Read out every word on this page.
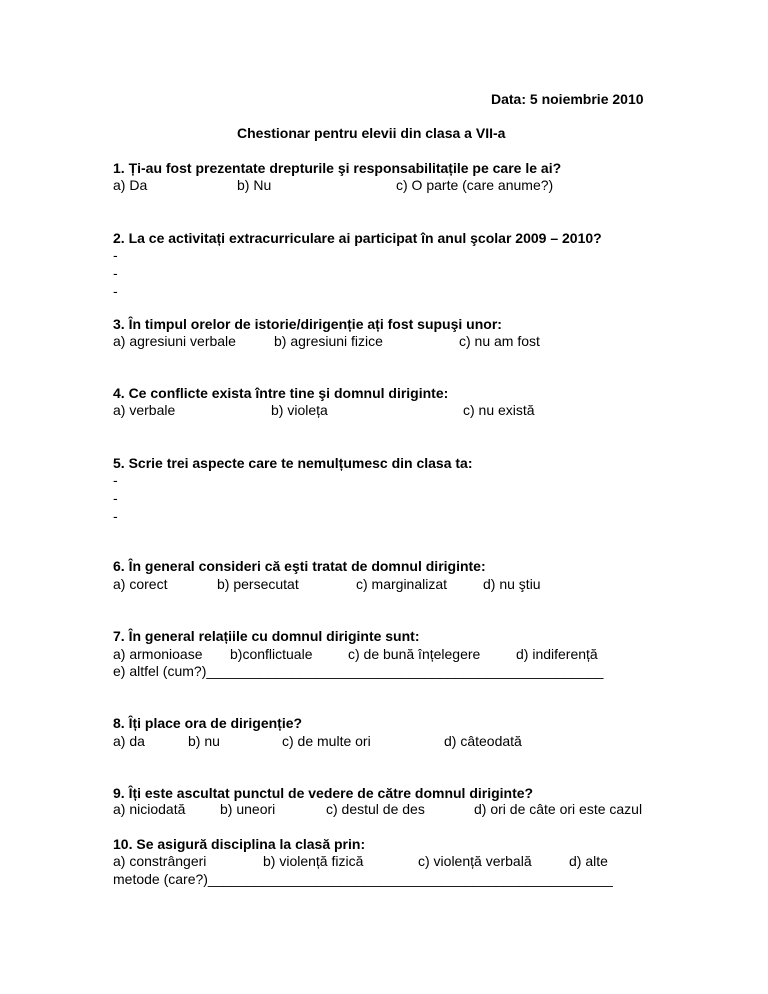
Data: 5 noiembrie 2010
Chestionar pentru elevii din clasa a VII-a
1. Ți-au fost prezentate drepturile şi responsabilitațile pe care le ai?
a) Da	b) Nu	c) O parte (care anume?)
2. La ce activitați extracurriculare ai participat în anul şcolar 2009 – 2010?
-
-
-
3. În timpul orelor de istorie/dirigenție ați fost supuşi unor:
a) agresiuni verbale	b) agresiuni fizice	c) nu am fost
4. Ce conflicte exista între tine şi domnul diriginte:
a) verbale	b) violeța	c) nu există
5. Scrie trei aspecte care te nemulțumesc din clasa ta:
-
-
-
6. În general consideri că eşti tratat de domnul diriginte:
a) corect	b) persecutat	c) marginalizat	d) nu ştiu
7. În general relațiile cu domnul diriginte sunt:
a) armonioase b)conflictuale	c) de bună înțelegere	d) indiferență
e) altfel (cum?)___________________________________________________
8. Îți place ora de dirigenție?
a) da	b) nu	c) de multe ori	d) câteodată
9. Îți este ascultat punctul de vedere de către domnul diriginte?
a) niciodată b) uneori	c) destul de des	d) ori de câte ori este cazul
10. Se asigură disciplina la clasă prin:
a) constrângeri	b) violență fizică	c) violență verbală	d) alte
metode (care?)____________________________________________________
